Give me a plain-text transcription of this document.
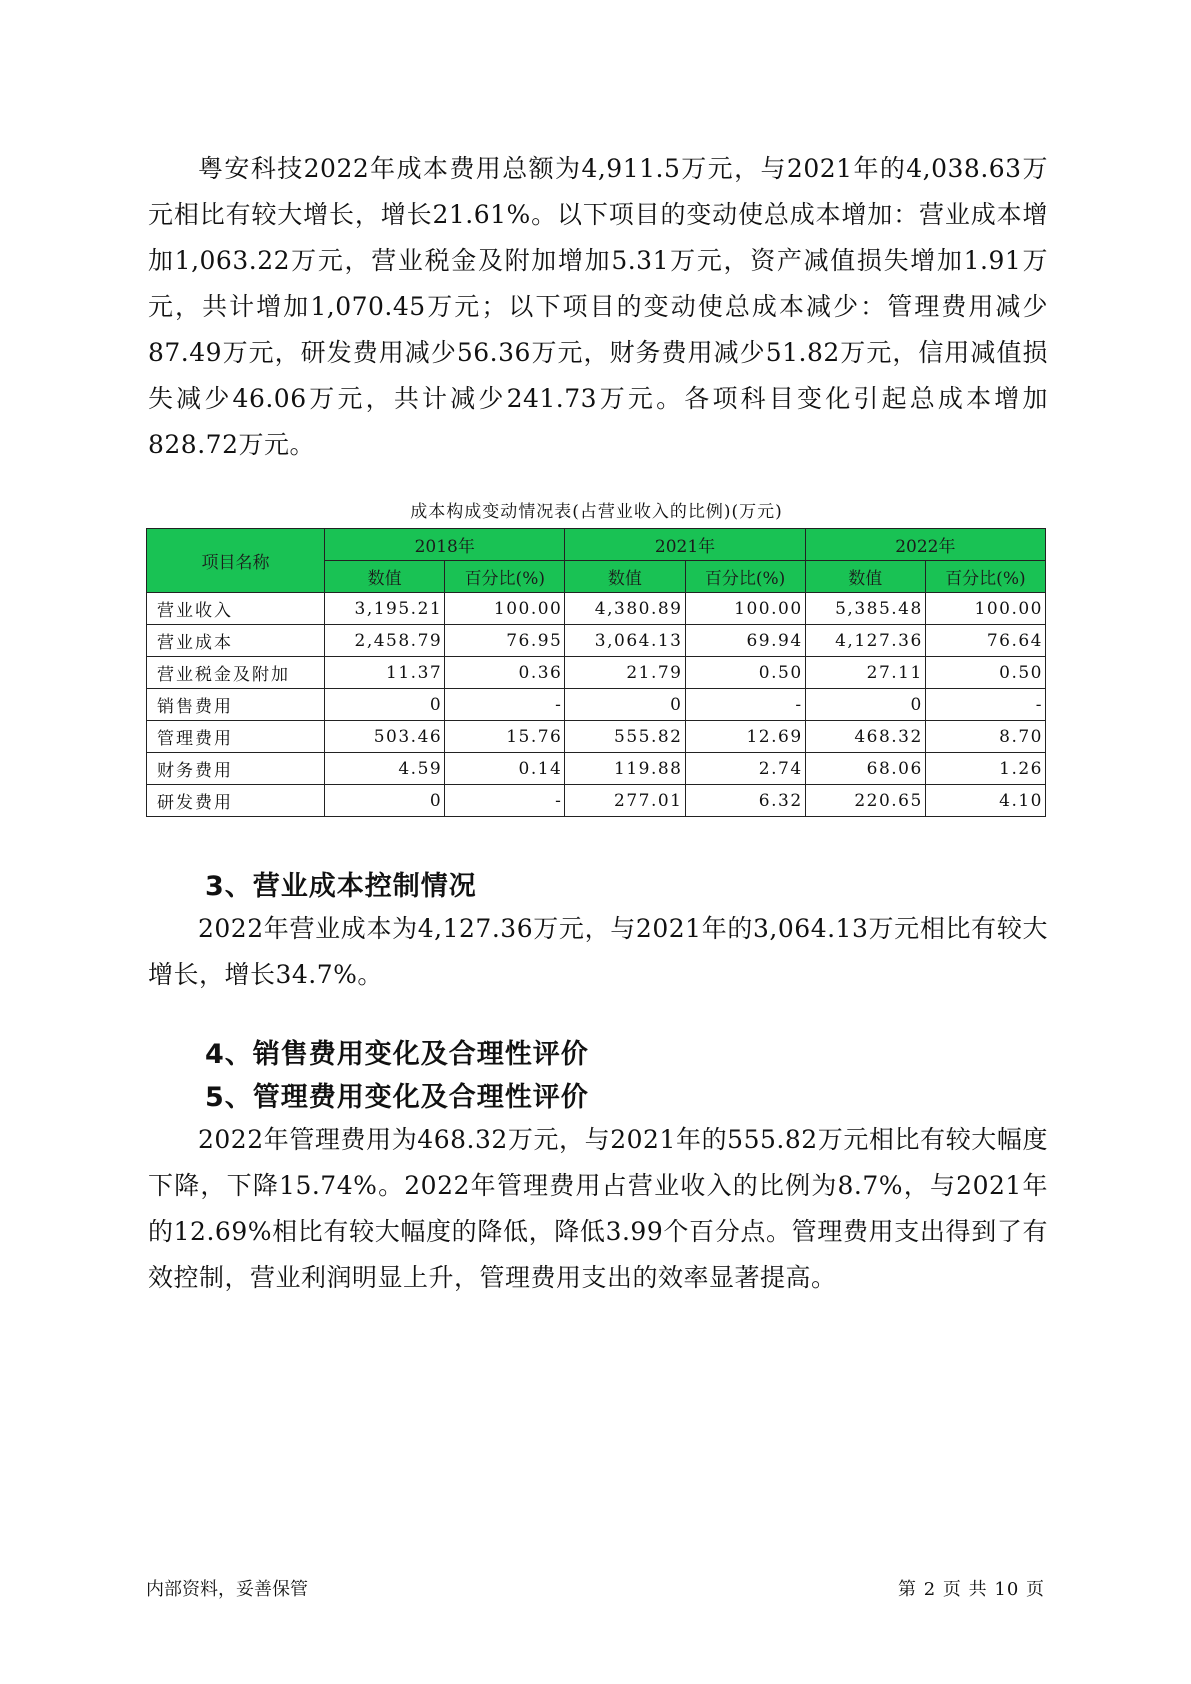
粤安科技2022年成本费用总额为4,911.5万元，与2021年的4,038.63万元相比有较大增长，增长21.61%。以下项目的变动使总成本增加：营业成本增加1,063.22万元，营业税金及附加增加5.31万元，资产减值损失增加1.91万元，共计增加1,070.45万元；以下项目的变动使总成本减少：管理费用减少87.49万元，研发费用减少56.36万元，财务费用减少51.82万元，信用减值损失减少46.06万元，共计减少241.73万元。各项科目变化引起总成本增加828.72万元。

成本构成变动情况表(占营业收入的比例)(万元)
项目名称	2018年		2021年		2022年	
	数值	百分比(%)	数值	百分比(%)	数值	百分比(%)
营业收入	3,195.21	100.00	4,380.89	100.00	5,385.48	100.00
营业成本	2,458.79	76.95	3,064.13	69.94	4,127.36	76.64
营业税金及附加	11.37	0.36	21.79	0.50	27.11	0.50
销售费用	0	-	0	-	0	-
管理费用	503.46	15.76	555.82	12.69	468.32	8.70
财务费用	4.59	0.14	119.88	2.74	68.06	1.26
研发费用	0	-	277.01	6.32	220.65	4.10
3、营业成本控制情况

2022年营业成本为4,127.36万元，与2021年的3,064.13万元相比有较大增长，增长34.7%。

4、销售费用变化及合理性评价
5、管理费用变化及合理性评价

2022年管理费用为468.32万元，与2021年的555.82万元相比有较大幅度下降，下降15.74%。2022年管理费用占营业收入的比例为8.7%，与2021年的12.69%相比有较大幅度的降低，降低3.99个百分点。管理费用支出得到了有效控制，营业利润明显上升，管理费用支出的效率显著提高。

内部资料，妥善保管	第 2 页 共 10 页
